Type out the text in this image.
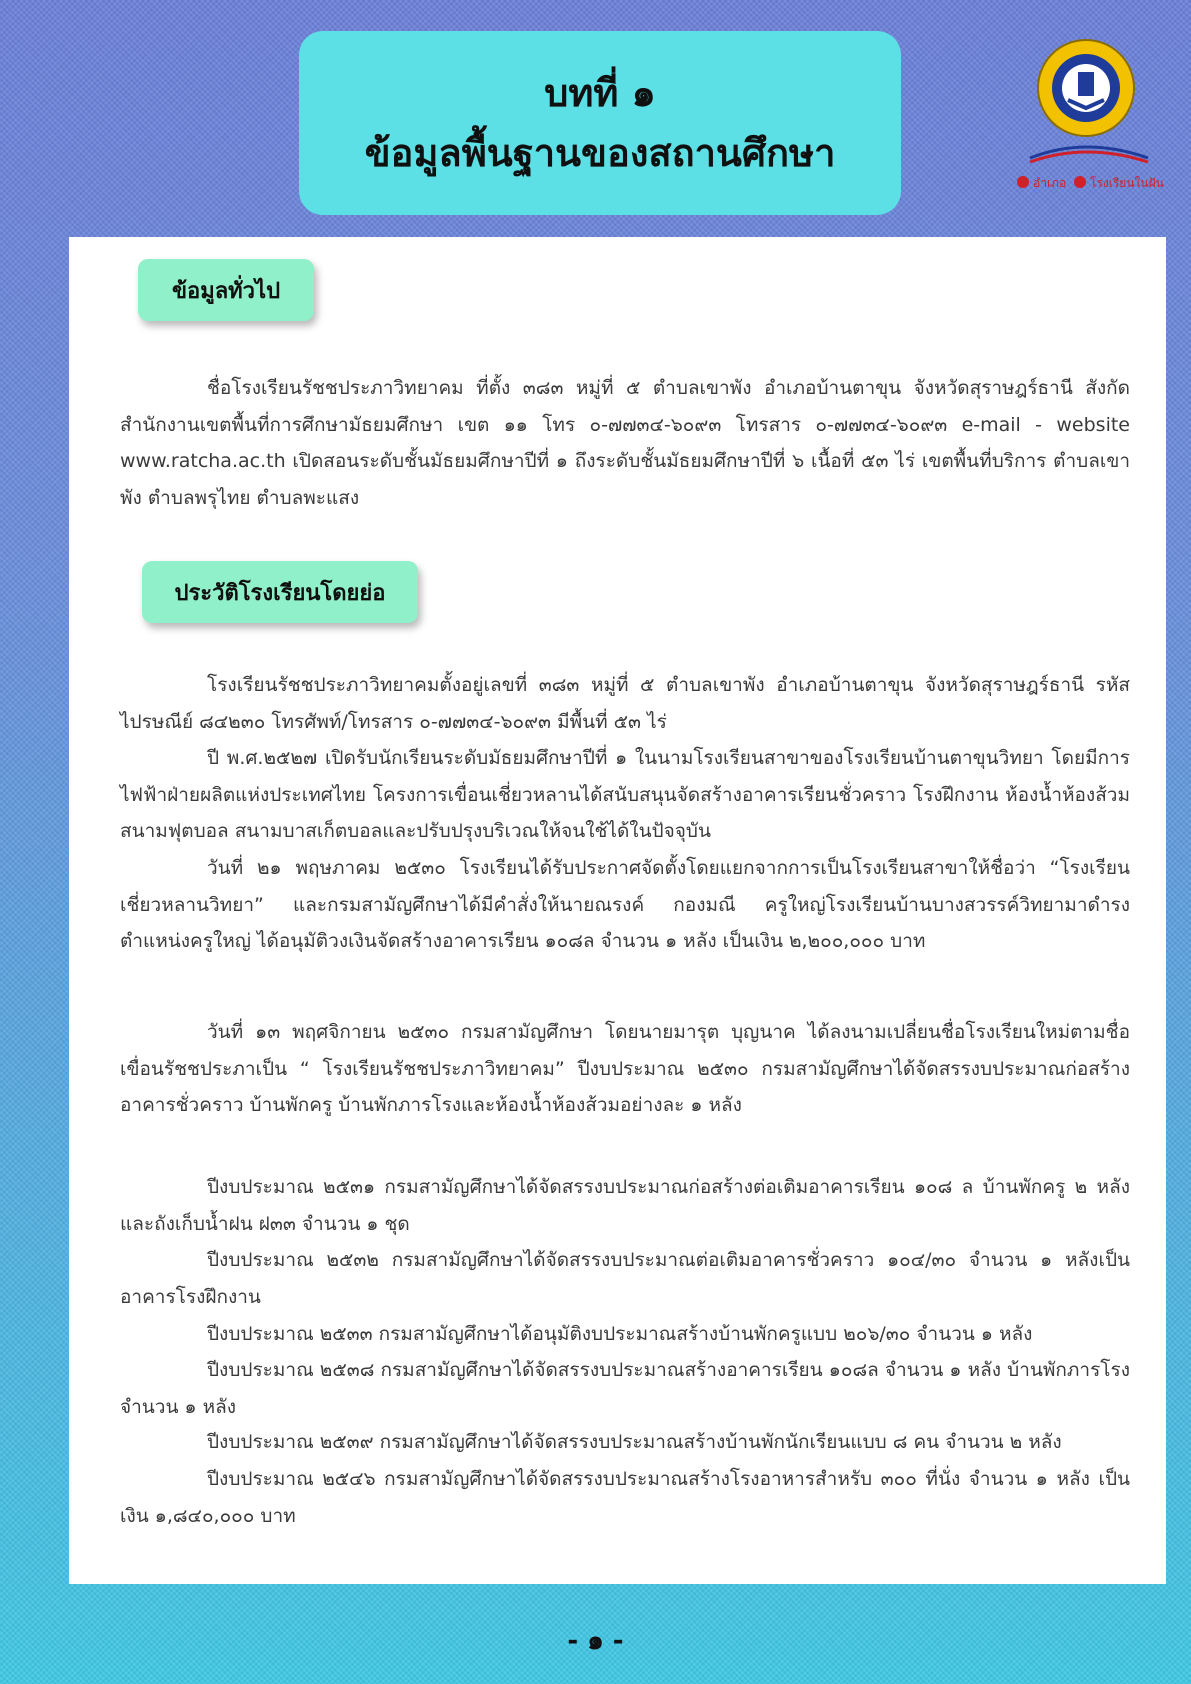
บทที่ ๑
ข้อมูลพื้นฐานของสถานศึกษา
อำเภอ โรงเรียนในฝัน
ข้อมูลทั่วไป

ชื่อโรงเรียนรัชชประภาวิทยาคม ที่ตั้ง ๓๘๓ หมู่ที่ ๕ ตำบลเขาพัง อำเภอบ้านตาขุน จังหวัดสุราษฎร์ธานี สังกัดสำนักงานเขตพื้นที่การศึกษามัธยมศึกษา เขต ๑๑ โทร ๐-๗๗๓๔-๖๐๙๓ โทรสาร ๐-๗๗๓๔-๖๐๙๓ e-mail - website www.ratcha.ac.th เปิดสอนระดับชั้นมัธยมศึกษาปีที่ ๑ ถึงระดับชั้นมัธยมศึกษาปีที่ ๖ เนื้อที่ ๕๓ ไร่ เขตพื้นที่บริการ ตำบลเขาพัง ตำบลพรุไทย ตำบลพะแสง

ประวัติโรงเรียนโดยย่อ

โรงเรียนรัชชประภาวิทยาคมตั้งอยู่เลขที่ ๓๘๓ หมู่ที่ ๕ ตำบลเขาพัง อำเภอบ้านตาขุน จังหวัดสุราษฎร์ธานี รหัสไปรษณีย์ ๘๔๒๓๐ โทรศัพท์/โทรสาร ๐-๗๗๓๔-๖๐๙๓ มีพื้นที่ ๕๓ ไร่

ปี พ.ศ.๒๕๒๗ เปิดรับนักเรียนระดับมัธยมศึกษาปีที่ ๑ ในนามโรงเรียนสาขาของโรงเรียนบ้านตาขุนวิทยา โดยมีการไฟฟ้าฝ่ายผลิตแห่งประเทศไทย โครงการเขื่อนเชี่ยวหลานได้สนับสนุนจัดสร้างอาคารเรียนชั่วคราว โรงฝึกงาน ห้องน้ำห้องส้วม สนามฟุตบอล สนามบาสเก็ตบอลและปรับปรุงบริเวณให้จนใช้ได้ในปัจจุบัน

วันที่ ๒๑ พฤษภาคม ๒๕๓๐ โรงเรียนได้รับประกาศจัดตั้งโดยแยกจากการเป็นโรงเรียนสาขาให้ชื่อว่า “โรงเรียนเชี่ยวหลานวิทยา” และกรมสามัญศึกษาได้มีคำสั่งให้นายณรงค์ กองมณี ครูใหญ่โรงเรียนบ้านบางสวรรค์วิทยามาดำรงตำแหน่งครูใหญ่ ได้อนุมัติวงเงินจัดสร้างอาคารเรียน ๑๐๘ล จำนวน ๑ หลัง เป็นเงิน ๒,๒๐๐,๐๐๐ บาท

วันที่ ๑๓ พฤศจิกายน ๒๕๓๐ กรมสามัญศึกษา โดยนายมารุต บุญนาค ได้ลงนามเปลี่ยนชื่อโรงเรียนใหม่ตามชื่อเขื่อนรัชชประภาเป็น “ โรงเรียนรัชชประภาวิทยาคม” ปีงบประมาณ ๒๕๓๐ กรมสามัญศึกษาได้จัดสรรงบประมาณก่อสร้างอาคารชั่วคราว บ้านพักครู บ้านพักภารโรงและห้องน้ำห้องส้วมอย่างละ ๑ หลัง

ปีงบประมาณ ๒๕๓๑ กรมสามัญศึกษาได้จัดสรรงบประมาณก่อสร้างต่อเติมอาคารเรียน ๑๐๘ ล บ้านพักครู ๒ หลังและถังเก็บน้ำฝน ฝ๓๓ จำนวน ๑ ชุด

ปีงบประมาณ ๒๕๓๒ กรมสามัญศึกษาได้จัดสรรงบประมาณต่อเติมอาคารชั่วคราว ๑๐๔/๓๐ จำนวน ๑ หลังเป็นอาคารโรงฝึกงาน

ปีงบประมาณ ๒๕๓๓ กรมสามัญศึกษาได้อนุมัติงบประมาณสร้างบ้านพักครูแบบ ๒๐๖/๓๐ จำนวน ๑ หลัง

ปีงบประมาณ ๒๕๓๘ กรมสามัญศึกษาได้จัดสรรงบประมาณสร้างอาคารเรียน ๑๐๘ล จำนวน ๑ หลัง บ้านพักภารโรง จำนวน ๑ หลัง

ปีงบประมาณ ๒๕๓๙ กรมสามัญศึกษาได้จัดสรรงบประมาณสร้างบ้านพักนักเรียนแบบ ๘ คน จำนวน ๒ หลัง

ปีงบประมาณ ๒๕๔๖ กรมสามัญศึกษาได้จัดสรรงบประมาณสร้างโรงอาหารสำหรับ ๓๐๐ ที่นั่ง จำนวน ๑ หลัง เป็นเงิน ๑,๘๔๐,๐๐๐ บาท

- ๑ -
